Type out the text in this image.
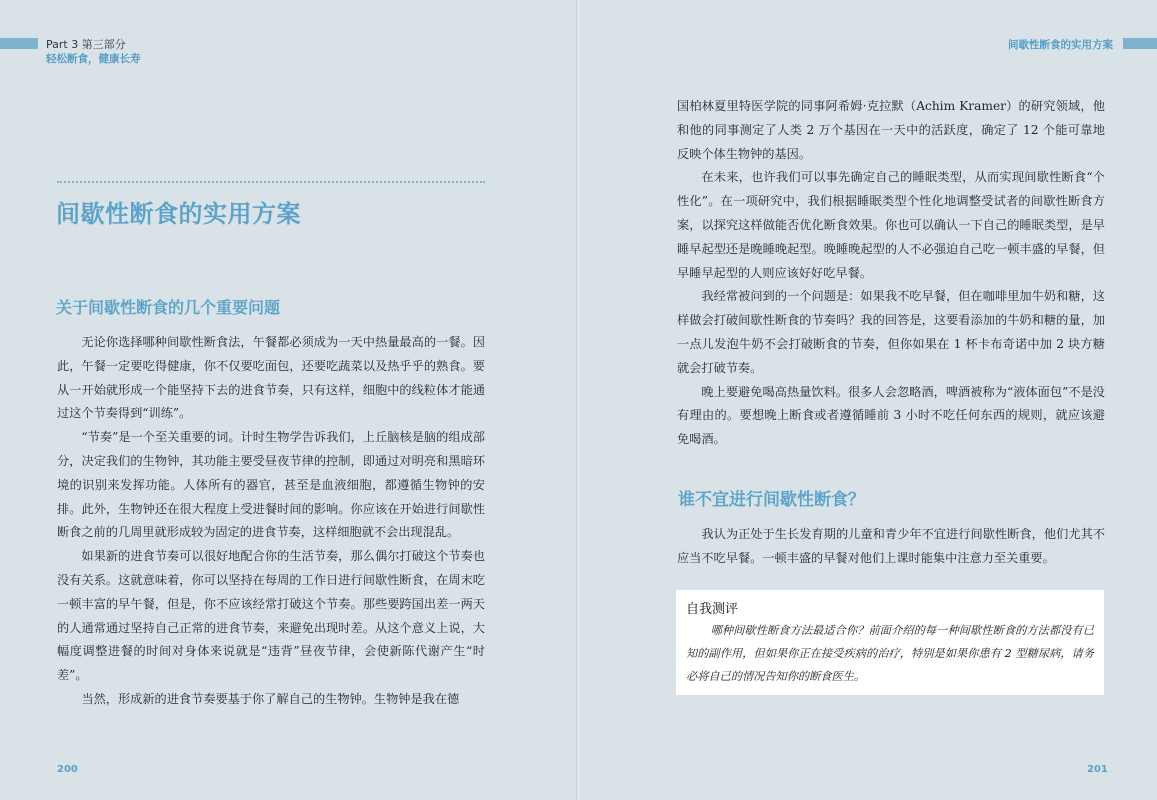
Part 3 第三部分
轻松断食，健康长寿
间歇性断食的实用方案
关于间歇性断食的几个重要问题

无论你选择哪种间歇性断食法，午餐都必须成为一天中热量最高的一餐。因此，午餐一定要吃得健康，你不仅要吃面包，还要吃蔬菜以及热乎乎的熟食。要从一开始就形成一个能坚持下去的进食节奏，只有这样，细胞中的线粒体才能通过这个节奏得到“训练”。

“节奏”是一个至关重要的词。计时生物学告诉我们，上丘脑核是脑的组成部分，决定我们的生物钟，其功能主要受昼夜节律的控制，即通过对明亮和黑暗环境的识别来发挥功能。人体所有的器官，甚至是血液细胞，都遵循生物钟的安排。此外，生物钟还在很大程度上受进餐时间的影响。你应该在开始进行间歇性断食之前的几周里就形成较为固定的进食节奏，这样细胞就不会出现混乱。

如果新的进食节奏可以很好地配合你的生活节奏，那么偶尔打破这个节奏也没有关系。这就意味着，你可以坚持在每周的工作日进行间歇性断食，在周末吃一顿丰富的早午餐，但是，你不应该经常打破这个节奏。那些要跨国出差一两天的人通常通过坚持自己正常的进食节奏，来避免出现时差。从这个意义上说，大幅度调整进餐的时间对身体来说就是“违背”昼夜节律，会使新陈代谢产生“时差”。

当然，形成新的进食节奏要基于你了解自己的生物钟。生物钟是我在德

200
间歇性断食的实用方案
201

国柏林夏里特医学院的同事阿希姆·克拉默（Achim Kramer）的研究领域，他和他的同事测定了人类 2 万个基因在一天中的活跃度，确定了 12 个能可靠地反映个体生物钟的基因。

在未来，也许我们可以事先确定自己的睡眠类型，从而实现间歇性断食“个性化”。在一项研究中，我们根据睡眠类型个性化地调整受试者的间歇性断食方案，以探究这样做能否优化断食效果。你也可以确认一下自己的睡眠类型，是早睡早起型还是晚睡晚起型。晚睡晚起型的人不必强迫自己吃一顿丰盛的早餐，但早睡早起型的人则应该好好吃早餐。

我经常被问到的一个问题是：如果我不吃早餐，但在咖啡里加牛奶和糖，这样做会打破间歇性断食的节奏吗？我的回答是，这要看添加的牛奶和糖的量，加一点儿发泡牛奶不会打破断食的节奏，但你如果在 1 杯卡布奇诺中加 2 块方糖就会打破节奏。

晚上要避免喝高热量饮料。很多人会忽略酒，啤酒被称为“液体面包”不是没有理由的。要想晚上断食或者遵循睡前 3 小时不吃任何东西的规则，就应该避免喝酒。

谁不宜进行间歇性断食？

我认为正处于生长发育期的儿童和青少年不宜进行间歇性断食，他们尤其不应当不吃早餐。一顿丰盛的早餐对他们上课时能集中注意力至关重要。

自我测评
哪种间歇性断食方法最适合你？前面介绍的每一种间歇性断食的方法都没有已知的副作用，但如果你正在接受疾病的治疗，特别是如果你患有 2 型糖尿病，请务必将自己的情况告知你的断食医生。
